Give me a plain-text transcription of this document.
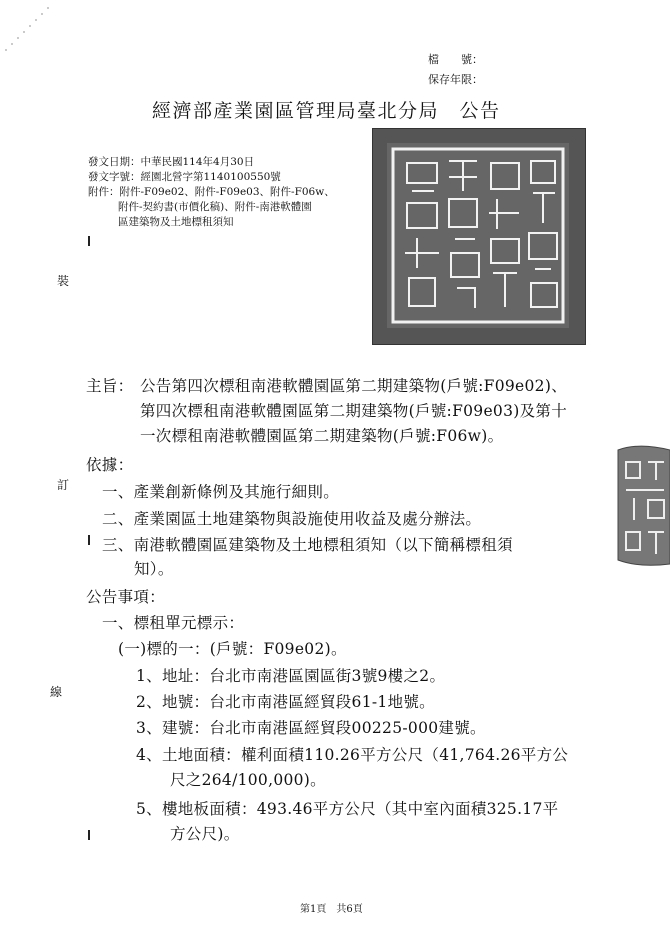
檔　　號：
保存年限：
經濟部產業園區管理局臺北分局　公告
發文日期：中華民國114年4月30日
發文字號：經園北營字第1140100550號
附件：附件-F09e02、附件-F09e03、附件-F06w、
附件-契約書(市價化稿)、附件-南港軟體園
區建築物及土地標租須知
裝
訂
線
主旨： 公告第四次標租南港軟體園區第二期建築物(戶號:F09e02)、
第四次標租南港軟體園區第二期建築物(戶號:F09e03)及第十
一次標租南港軟體園區第二期建築物(戶號:F06w)。
依據：
一、產業創新條例及其施行細則。
二、產業園區土地建築物與設施使用收益及處分辦法。
三、南港軟體園區建築物及土地標租須知（以下簡稱標租須
知）。
公告事項：
一、標租單元標示：
(一)標的一：(戶號：F09e02)。
1、地址：台北市南港區園區街3號9樓之2。
2、地號：台北市南港區經貿段61-1地號。
3、建號：台北市南港區經貿段00225-000建號。
4、土地面積：權利面積110.26平方公尺（41,764.26平方公
尺之264/100,000)。
5、樓地板面積：493.46平方公尺（其中室內面積325.17平
方公尺)。
第1頁　共6頁
